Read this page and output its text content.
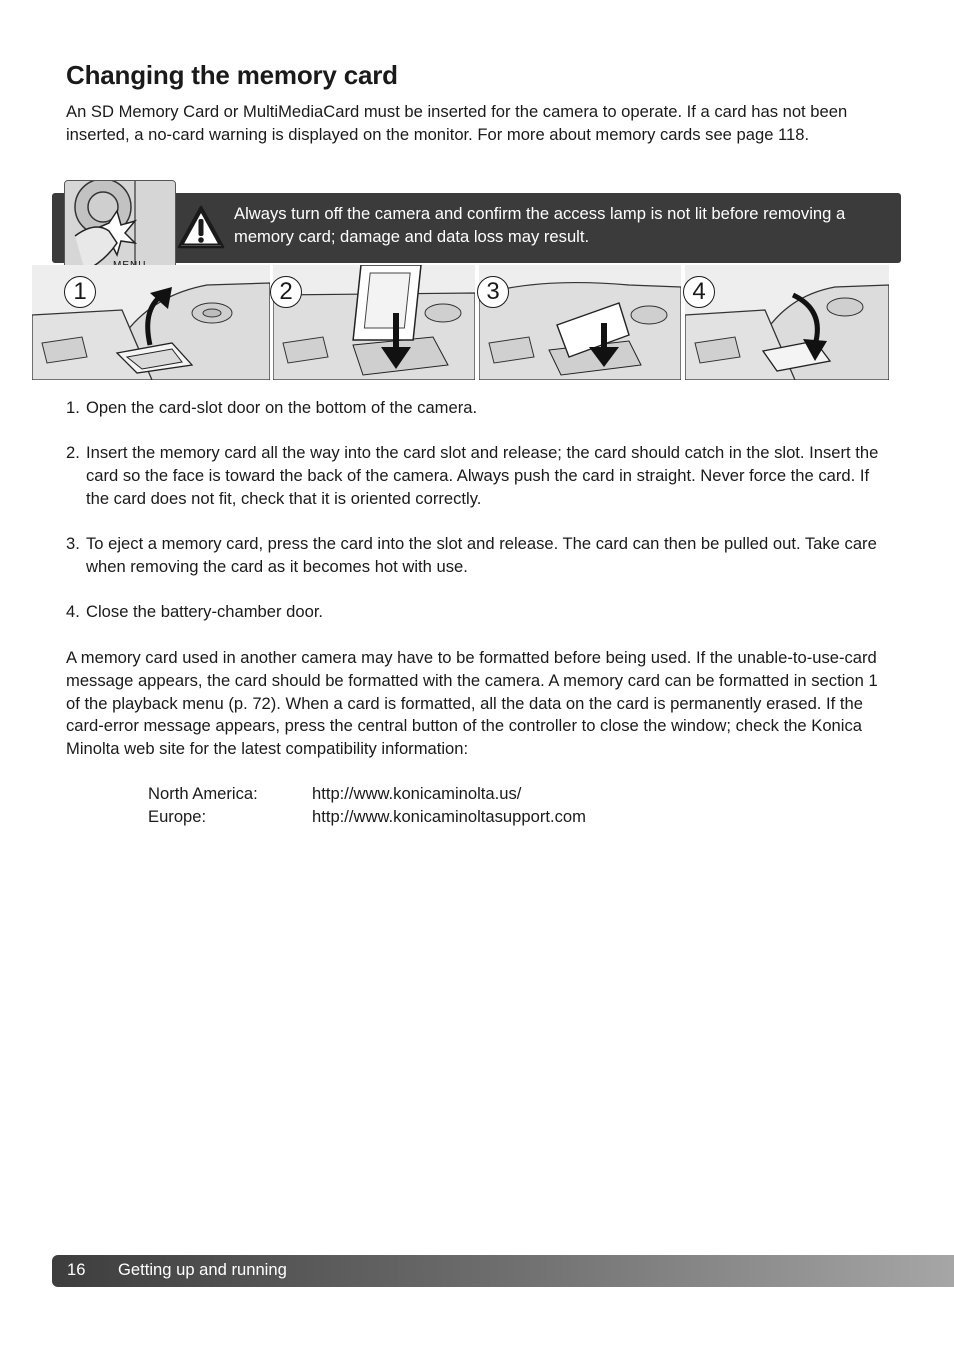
Changing the memory card

An SD Memory Card or MultiMediaCard must be inserted for the camera to operate. If a card has not been inserted, a no-card warning is displayed on the monitor. For more about memory cards see page 118.

Always turn off the camera and confirm the access lamp is not lit before removing a memory card; damage and data loss may result.

1	2	3	4
1. Open the card-slot door on the bottom of the camera.
2. Insert the memory card all the way into the card slot and release; the card should catch in the slot. Insert the card so the face is toward the back of the camera. Always push the card in straight. Never force the card. If the card does not fit, check that it is oriented correctly.
3. To eject a memory card, press the card into the slot and release. The card can then be pulled out. Take care when removing the card as it becomes hot with use.
4. Close the battery-chamber door.

A memory card used in another camera may have to be formatted before being used. If the unable-to-use-card message appears, the card should be formatted with the camera. A memory card can be formatted in section 1 of the playback menu (p. 72). When a card is formatted, all the data on the card is permanently erased. If the card-error message appears, press the central button of the controller to close the window; check the Konica Minolta web site for the latest compatibility information:

North America:	http://www.konicaminolta.us/
Europe:	http://www.konicaminoltasupport.com
16 Getting up and running
